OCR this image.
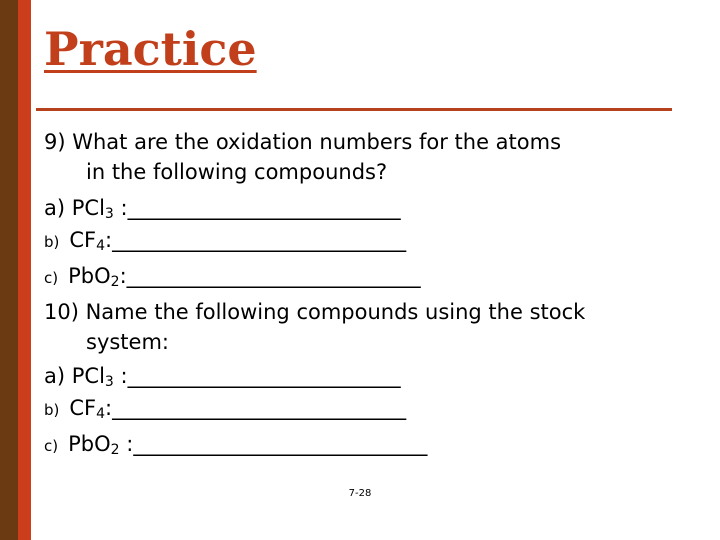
Practice
9) What are the oxidation numbers for the atoms
in the following compounds?
a) PCl$_3$ :__________________________
b) $CF_4:\_\_\_\_\_\_\_\_\_\_\_\_\_\_\_\_\_\_\_\_\_\_\_\_\_\_\_\_$
c) PbO$_2$:____________________________
10) Name the following compounds using the stock
system:
a) PCl$_3$ :__________________________
b) $CF_4:\_\_\_\_\_\_\_\_\_\_\_\_\_\_\_\_\_\_\_\_\_\_\_\_\_\_\_\_$
c) PbO$_2$ :____________________________
7-28
